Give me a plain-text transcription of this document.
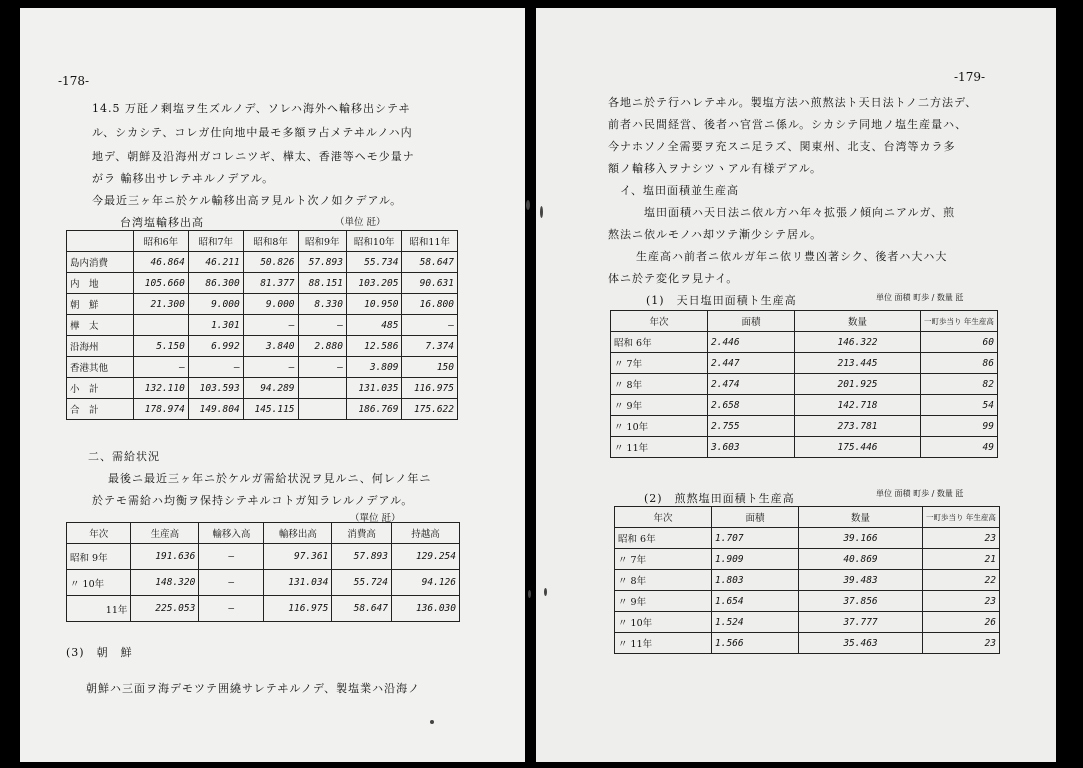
-178-
14.5 万瓩ノ剩塩ヲ生ズルノデ、ソレハ海外ヘ輸移出シテヰ
ル、シカシテ、コレガ仕向地中最モ多額ヲ占メテヰルノハ内
地デ、朝鮮及沿海州ガコレニツギ、樺太、香港等ヘモ少量ナ
がラ 輸移出サレテヰルノデアル。
今最近三ヶ年ニ於ケル輸移出高ヲ見ルト次ノ如クデアル。
台湾塩輸移出高	（単位 瓩）
	昭和6年	昭和7年	昭和8年	昭和9年	昭和10年	昭和11年
島内消費	46.864	46.211	50.826	57.893	55.734	58.647
内　地	105.660	86.300	81.377	88.151	103.205	90.631
朝　鮮	21.300	9.000	9.000	8.330	10.950	16.800
樺　太		1.301	—	—	485	—
沿海州	5.150	6.992	3.840	2.880	12.586	7.374
香港其他	—	—	—	—	3.809	150
小　計	132.110	103.593	94.289		131.035	116.975
合　計	178.974	149.804	145.115		186.769	175.622
二、需給状況
最後ニ最近三ヶ年ニ於ケルガ需給状況ヲ見ルニ、何レノ年ニ
於テモ需給ハ均衡ヲ保持シテヰルコトガ知ラレルノデアル。
（單位 瓩）
年次	生産高	輸移入高	輸移出高	消費高	持越高
昭和 9年	191.636	—	97.361	57.893	129.254
〃 10年	148.320	—	131.034	55.724	94.126
11年	225.053	—	116.975	58.647	136.030
(3)　朝　鮮
朝鮮ハ三面ヲ海デモツテ囲繞サレテヰルノデ、製塩業ハ沿海ノ
-179-
各地ニ於テ行ハレテヰル。製塩方法ハ煎熬法ト天日法トノ二方法デ、
前者ハ民間経営、後者ハ官営ニ係ル。シカシテ同地ノ塩生産量ハ、
今ナホソノ全需要ヲ充スニ足ラズ、関東州、北支、台湾等カラ多
額ノ輸移入ヲナシツヽアル有様デアル。
イ、塩田面積並生産高
塩田面積ハ天日法ニ依ル方ハ年々拡張ノ傾向ニアルガ、煎
熬法ニ依ルモノハ却ツテ漸少シテ居ル。
生産高ハ前者ニ依ルガ年ニ依リ豊凶著シク、後者ハ大ハ大
体ニ於テ変化ヲ見ナイ。
(1)　天日塩田面積ト生産高	単位 面積 町歩 / 数量 瓩
年次	面積	数量	一町歩当り 年生産高
昭和 6年	2.446	146.322	60
〃 7年	2.447	213.445	86
〃 8年	2.474	201.925	82
〃 9年	2.658	142.718	54
〃 10年	2.755	273.781	99
〃 11年	3.603	175.446	49
(2)　煎熬塩田面積ト生産高	単位 面積 町歩 / 数量 瓩
年次	面積	数量	一町歩当り 年生産高
昭和 6年	1.707	39.166	23
〃 7年	1.909	40.869	21
〃 8年	1.803	39.483	22
〃 9年	1.654	37.856	23
〃 10年	1.524	37.777	26
〃 11年	1.566	35.463	23
